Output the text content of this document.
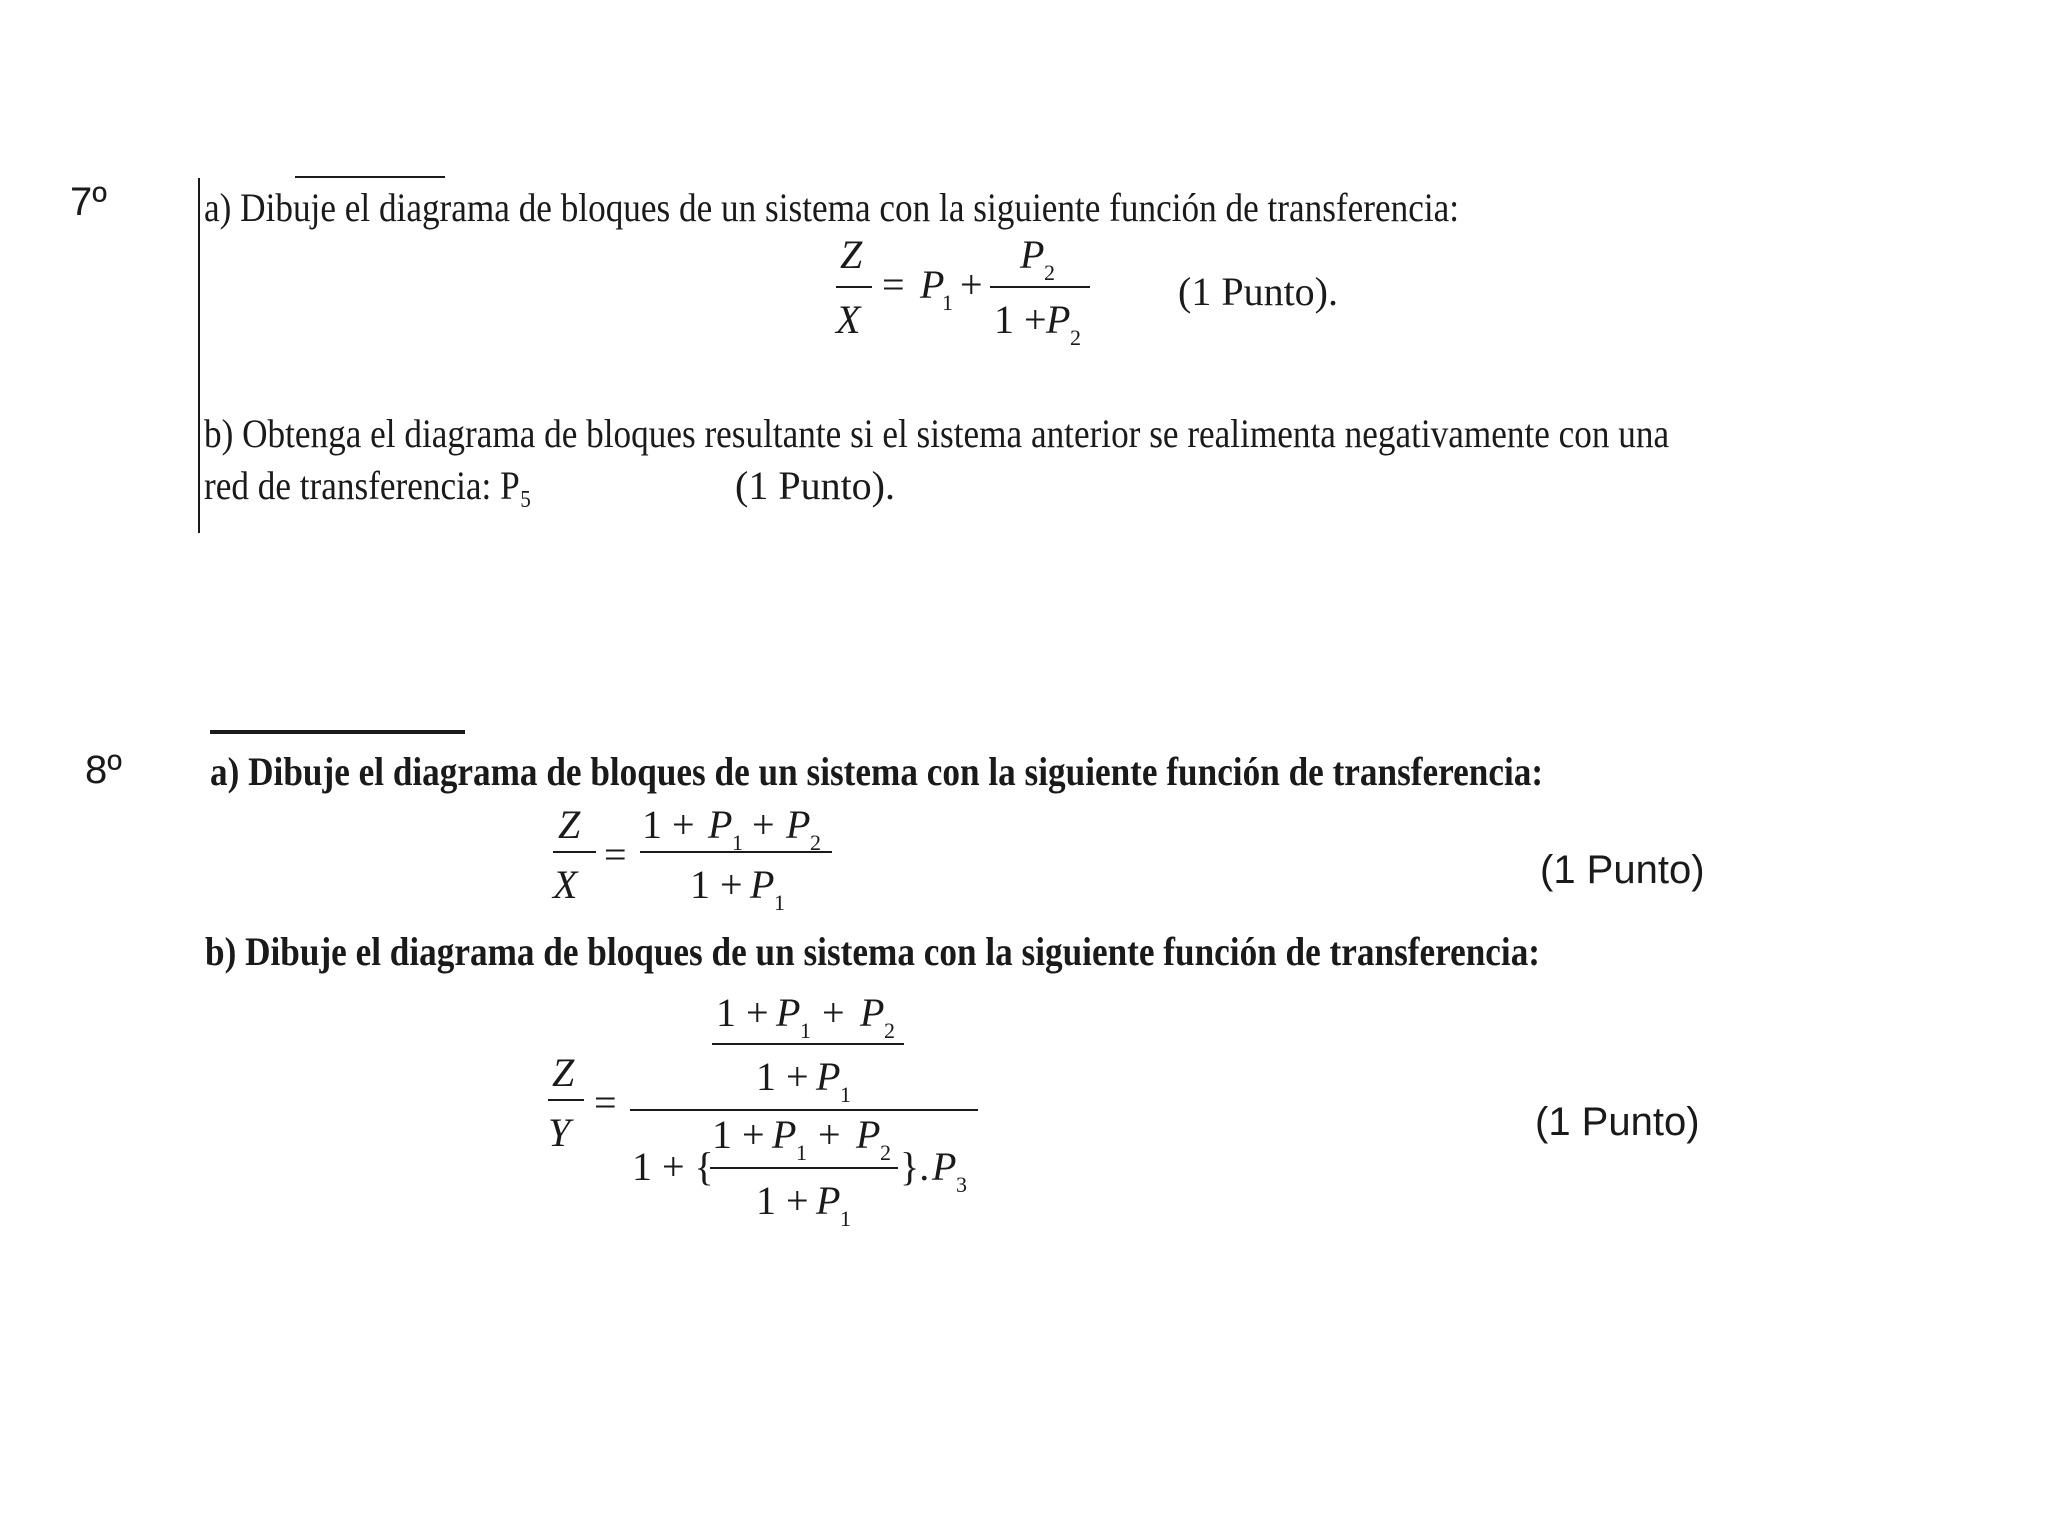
7º a) Dibuje el diagrama de bloques de un sistema con la siguiente función de transferencia:
Z
X
= P
1 +
P 2
1 + P 2
(1 Punto).
b) Obtenga el diagrama de bloques resultante si el sistema anterior se realimenta negativamente con una
red de transferencia: P₅	(1 Punto).
8º a) Dibuje el diagrama de bloques de un sistema con la siguiente función de transferencia:
Z
X
=
1 + P 1 + P 2
1 + P 1
(1 Punto)
b) Dibuje el diagrama de bloques de un sistema con la siguiente función de transferencia:
Z
Y
=
1 + P 1 + P 2
1 + P 1
1 + {
1 + P 1 + P 2
1 + P 1
}. P 3
(1 Punto)
